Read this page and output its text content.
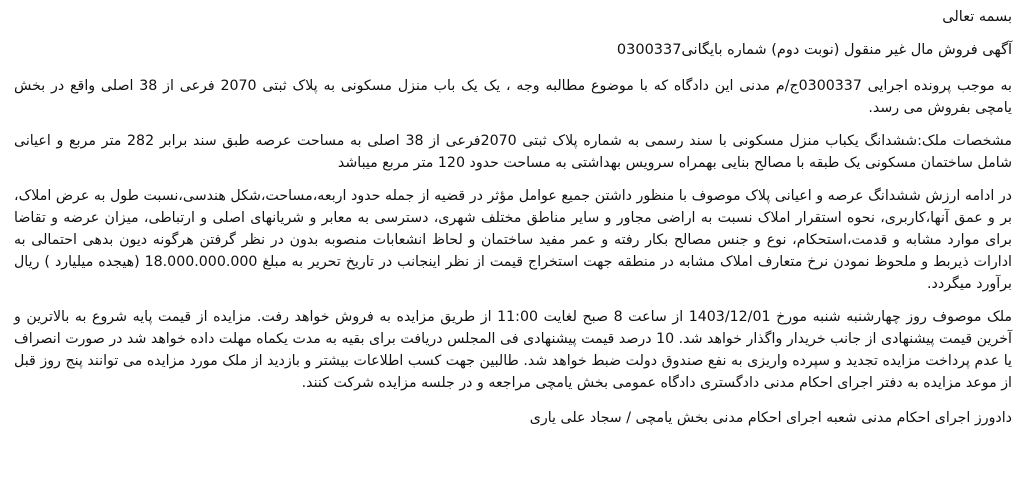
بسمه تعالی
آگهی فروش مال غیر منقول (نوبت دوم) شماره بایگانی0300337
به موجب پرونده اجرایی 0300337ج/م مدنی این دادگاه که با موضوع مطالبه وجه ، یک یک باب منزل مسکونی به پلاک ثبتی 2070 فرعی از 38 اصلی واقع در بخش یامچی بفروش می رسد.
مشخصات ملک:ششدانگ یکباب منزل مسکونی با سند رسمی به شماره پلاک ثبتی 2070فرعی از 38 اصلی به مساحت عرصه طبق سند برابر 282 متر مربع و اعیانی شامل ساختمان مسکونی یک طبقه با مصالح بنایی بهمراه سرویس بهداشتی به مساحت حدود 120 متر مربع میباشد
در ادامه ارزش ششدانگ عرصه و اعیانی پلاک موصوف با منظور داشتن جمیع عوامل مؤثر در قضیه از جمله حدود اربعه،مساحت،شکل هندسی،نسبت طول به عرض املاک، بر و عمق آنها،کاربری، نحوه استقرار املاک نسبت به اراضی مجاور و سایر مناطق مختلف شهری، دسترسی به معابر و شریانهای اصلی و ارتباطی، میزان عرضه و تقاضا برای موارد مشابه و قدمت،استحکام، نوع و جنس مصالح بکار رفته و عمر مفید ساختمان و لحاظ انشعابات منصوبه بدون در نظر گرفتن هرگونه دیون بدهی احتمالی به ادارات ذیربط و ملحوظ نمودن نرخ متعارف املاک مشابه در منطقه جهت استخراج قیمت از نظر اینجانب در تاریخ تحریر به مبلغ 18.000.000.000 (هیجده میلیارد ) ریال برآورد میگردد.
ملک موصوف روز چهارشنبه شنبه مورخ 1403/12/01 از ساعت 8 صبح لغایت 11:00 از طریق مزایده به فروش خواهد رفت. مزایده از قیمت پایه شروع به بالاترین و آخرین قیمت پیشنهادی از جانب خریدار واگذار خواهد شد. 10 درصد قیمت پیشنهادی فی المجلس دریافت برای بقیه به مدت یکماه مهلت داده خواهد شد در صورت انصراف یا عدم پرداخت مزایده تجدید و سپرده واریزی به نفع صندوق دولت ضبط خواهد شد. طالبین جهت کسب اطلاعات بیشتر و بازدید از ملک مورد مزایده می توانند پنج روز قبل از موعد مزایده به دفتر اجرای احکام مدنی دادگستری دادگاه عمومی بخش یامچی مراجعه و در جلسه مزایده شرکت کنند.
دادورز اجرای احکام مدنی شعبه اجرای احکام مدنی بخش یامچی / سجاد علی یاری
